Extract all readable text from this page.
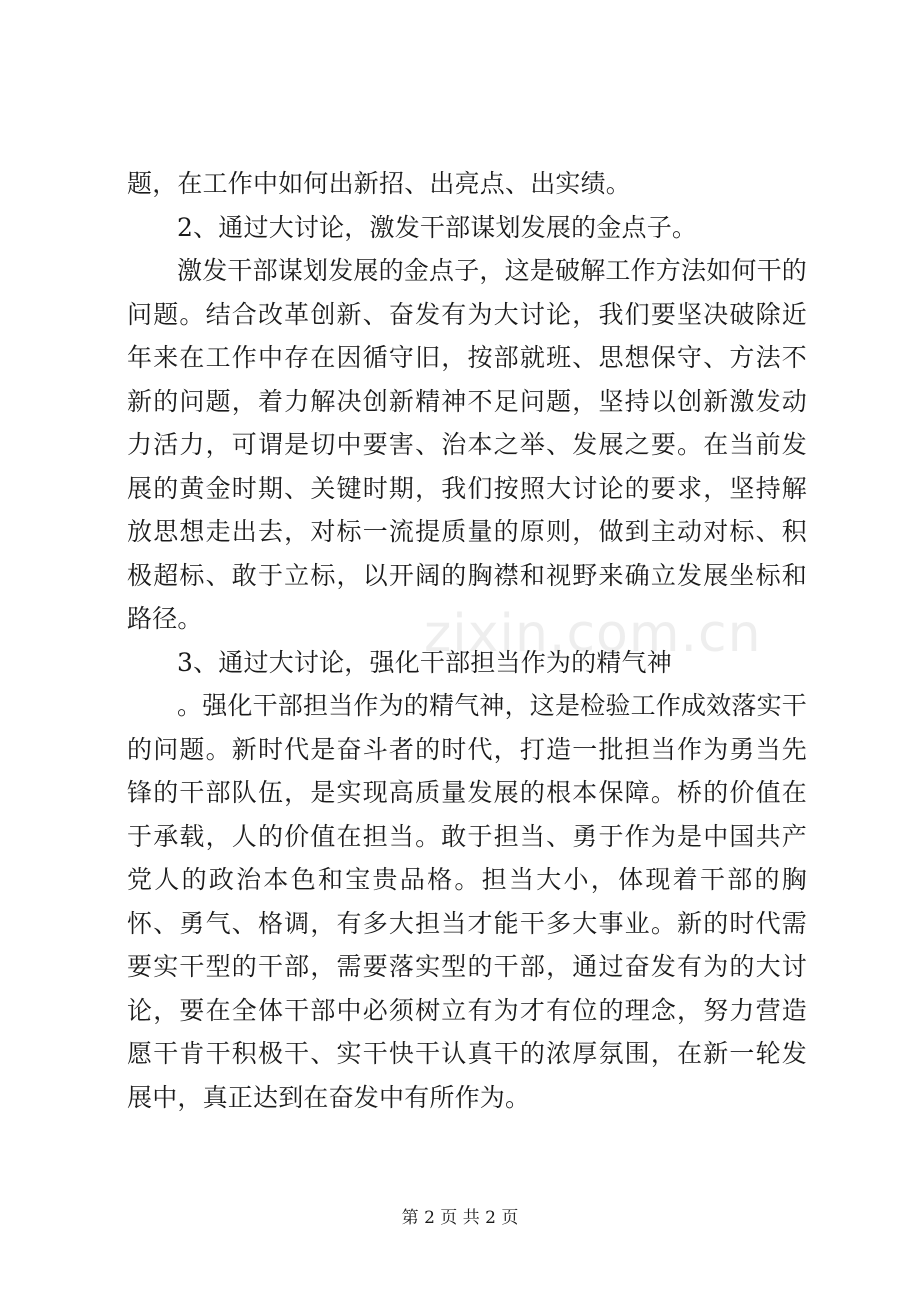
题，在工作中如何出新招、出亮点、出实绩。

2、通过大讨论，激发干部谋划发展的金点子。

激发干部谋划发展的金点子，这是破解工作方法如何干的问题。结合改革创新、奋发有为大讨论，我们要坚决破除近年来在工作中存在因循守旧，按部就班、思想保守、方法不新的问题，着力解决创新精神不足问题，坚持以创新激发动力活力，可谓是切中要害、治本之举、发展之要。在当前发展的黄金时期、关键时期，我们按照大讨论的要求，坚持解放思想走出去，对标一流提质量的原则，做到主动对标、积极超标、敢于立标，以开阔的胸襟和视野来确立发展坐标和路径。

3、通过大讨论，强化干部担当作为的精气神

。强化干部担当作为的精气神，这是检验工作成效落实干的问题。新时代是奋斗者的时代，打造一批担当作为勇当先锋的干部队伍，是实现高质量发展的根本保障。桥的价值在于承载，人的价值在担当。敢于担当、勇于作为是中国共产党人的政治本色和宝贵品格。担当大小，体现着干部的胸怀、勇气、格调，有多大担当才能干多大事业。新的时代需要实干型的干部，需要落实型的干部，通过奋发有为的大讨论，要在全体干部中必须树立有为才有位的理念，努力营造愿干肯干积极干、实干快干认真干的浓厚氛围，在新一轮发展中，真正达到在奋发中有所作为。

zixin.com.cn
第 2 页 共 2 页
